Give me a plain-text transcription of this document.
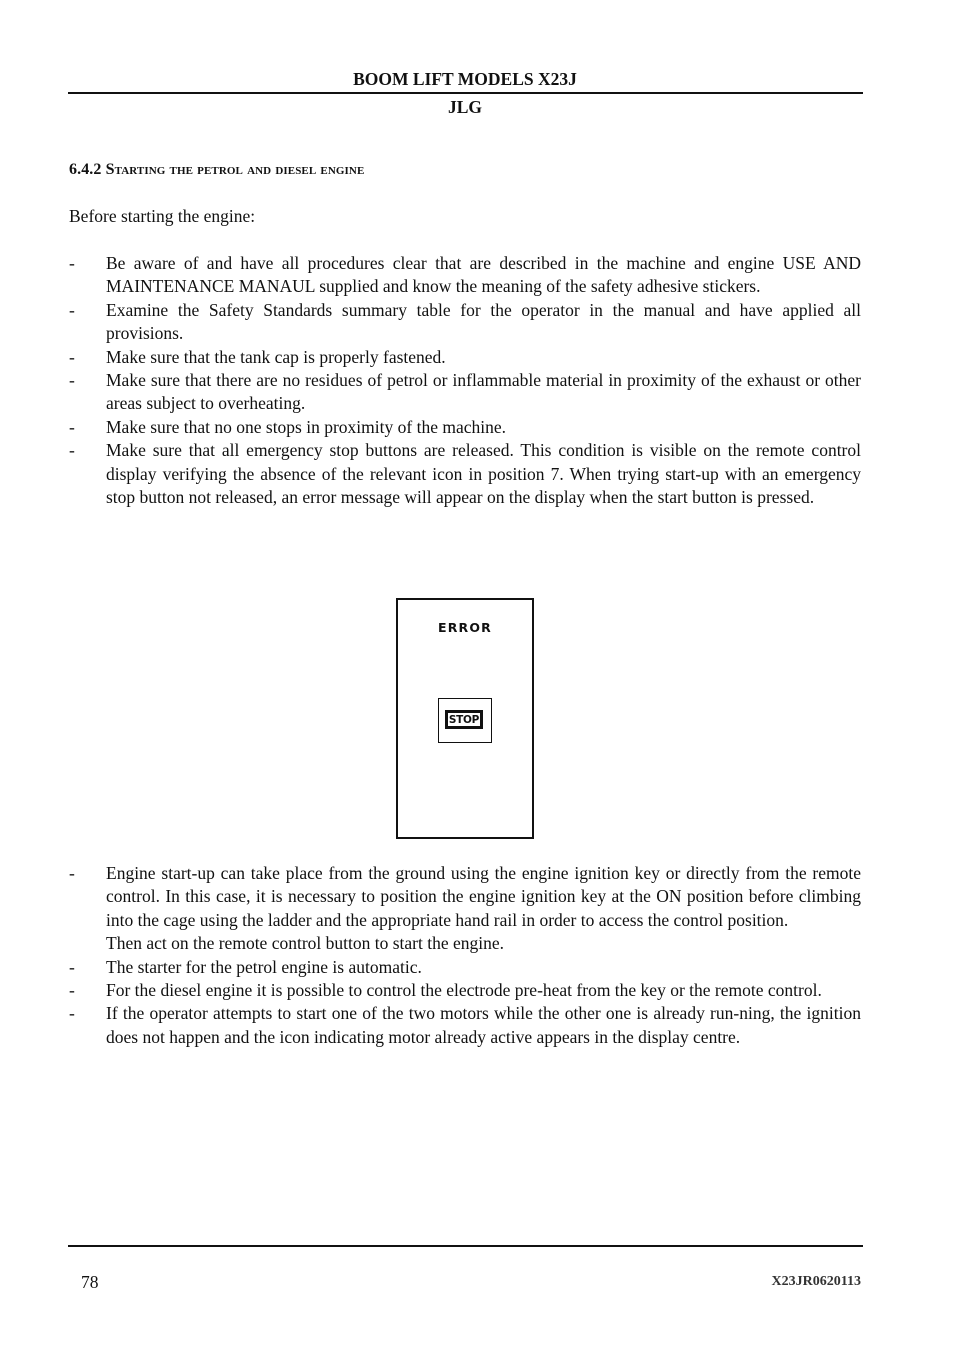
BOOM LIFT MODELS X23J
JLG
6.4.2 Starting the petrol and diesel engine
Before starting the engine:
- Be aware of and have all procedures clear that are described in the machine and engine USE AND MAINTENANCE MANAUL supplied and know the meaning of the safety adhesive stickers.
- Examine the Safety Standards summary table for the operator in the manual and have applied all provisions.
- Make sure that the tank cap is properly fastened.
- Make sure that there are no residues of petrol or inflammable material in proximity of the exhaust or other areas subject to overheating.
- Make sure that no one stops in proximity of the machine.
- Make sure that all emergency stop buttons are released. This condition is visible on the remote control display verifying the absence of the relevant icon in position 7. When trying start-up with an emergency stop button not released, an error message will appear on the display when the start button is pressed.
ERROR
STOP
- Engine start-up can take place from the ground using the engine ignition key or directly from the remote control. In this case, it is necessary to position the engine ignition key at the ON position before climbing into the cage using the ladder and the appropriate hand rail in order to access the control position.
Then act on the remote control button to start the engine.
- The starter for the petrol engine is automatic.
- For the diesel engine it is possible to control the electrode pre-heat from the key or the remote control.
- If the operator attempts to start one of the two motors while the other one is already run-ning, the ignition does not happen and the icon indicating motor already active appears in the display centre.
78	X23JR0620113
